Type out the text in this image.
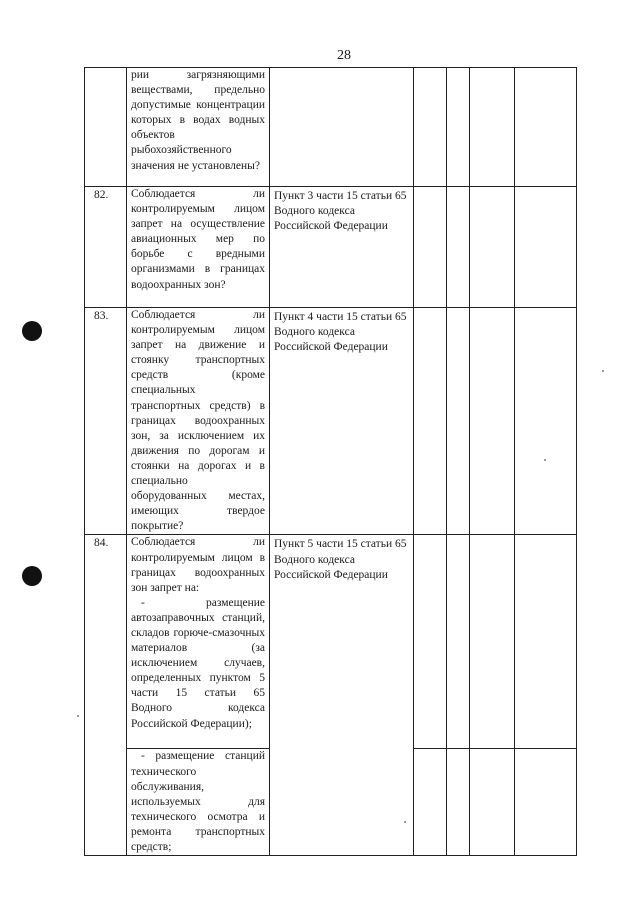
28
	рии загрязняющими веществами, предельно допустимые концентрации которых в водах водных объектов рыбохозяйственного значения не установлены?					
82.	Соблюдается ли контролируемым лицом запрет на осуществление авиационных мер по борьбе с вредными организмами в границах водоохранных зон?	Пункт 3 части 15 статьи 65 Водного кодекса Российской Федерации				
83.	Соблюдается ли контролируемым лицом запрет на движение и стоянку транспортных средств (кроме специальных транспортных средств) в границах водоохранных зон, за исключением их движения по дорогам и стоянки на дорогах и в специально оборудованных местах, имеющих твердое покрытие?	Пункт 4 части 15 статьи 65 Водного кодекса Российской Федерации				
84.	Соблюдается ли контролируемым лицом в границах водоохранных зон запрет на:
- размещение автозаправочных станций, складов горюче-смазочных материалов (за исключением случаев, определенных пунктом 5 части 15 статьи 65 Водного кодекса Российской Федерации);	Пункт 5 части 15 статьи 65 Водного кодекса Российской Федерации				

	- размещение станций технического обслуживания, используемых для технического осмотра и ремонта транспортных средств;					
